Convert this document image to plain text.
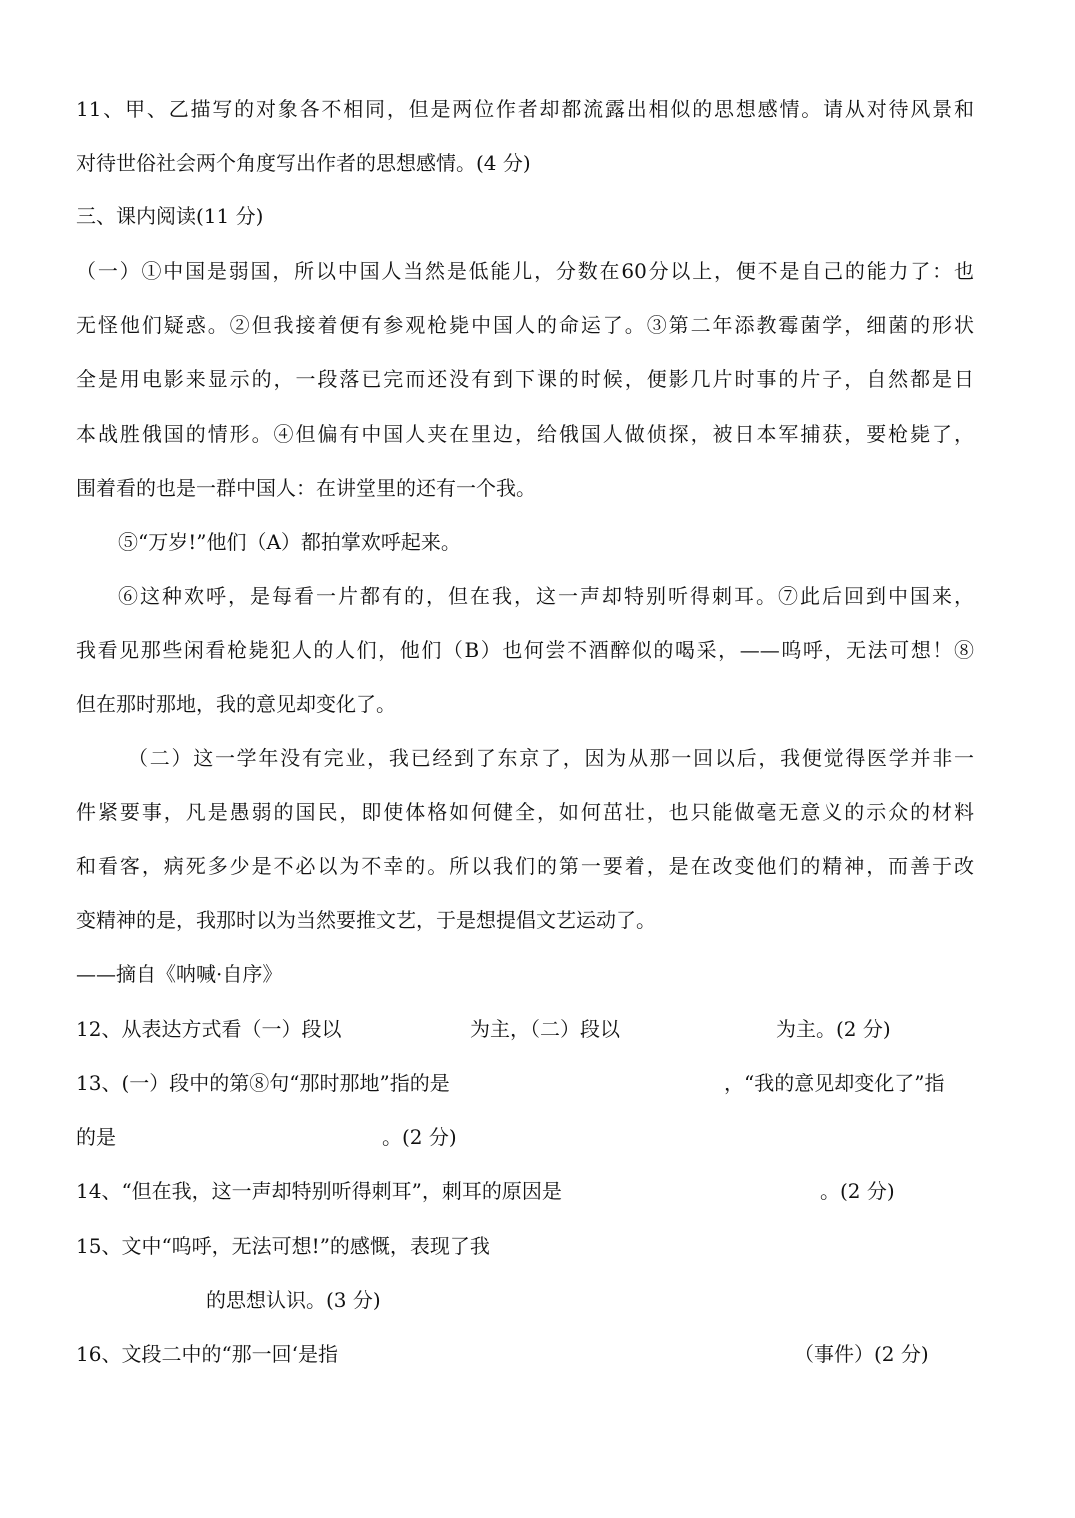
11、甲、乙描写的对象各不相同，但是两位作者却都流露出相似的思想感情。请从对待风景和
对待世俗社会两个角度写出作者的思想感情。(4 分)
三、课内阅读(11 分)
（一）①中国是弱国，所以中国人当然是低能儿，分数在60分以上，便不是自己的能力了：也
无怪他们疑惑。②但我接着便有参观枪毙中国人的命运了。③第二年添教霉菌学，细菌的形状
全是用电影来显示的，一段落已完而还没有到下课的时候，便影几片时事的片子，自然都是日
本战胜俄国的情形。④但偏有中国人夹在里边，给俄国人做侦探，被日本军捕获，要枪毙了，
围着看的也是一群中国人：在讲堂里的还有一个我。
⑤“万岁!”他们（A）都拍掌欢呼起来。
⑥这种欢呼，是每看一片都有的，但在我，这一声却特别听得刺耳。⑦此后回到中国来，
我看见那些闲看枪毙犯人的人们，他们（B）也何尝不酒醉似的喝采，——呜呼，无法可想！⑧
但在那时那地，我的意见却变化了。
（二）这一学年没有完业，我已经到了东京了，因为从那一回以后，我便觉得医学并非一
件紧要事，凡是愚弱的国民，即使体格如何健全，如何茁壮，也只能做毫无意义的示众的材料
和看客，病死多少是不必以为不幸的。所以我们的第一要着，是在改变他们的精神，而善于改
变精神的是，我那时以为当然要推文艺，于是想提倡文艺运动了。
——摘自《呐喊·自序》
12、从表达方式看（一）段以	为主，（二）段以	为主。(2 分)
13、(一）段中的第⑧句“那时那地”指的是	，“我的意见却变化了”指
的是	。(2 分)
14、“但在我，这一声却特别听得刺耳”，刺耳的原因是	。(2 分)
15、文中“呜呼，无法可想!”的感慨，表现了我
的思想认识。(3 分)
16、文段二中的“那一回‘是指	（事件）(2 分)
